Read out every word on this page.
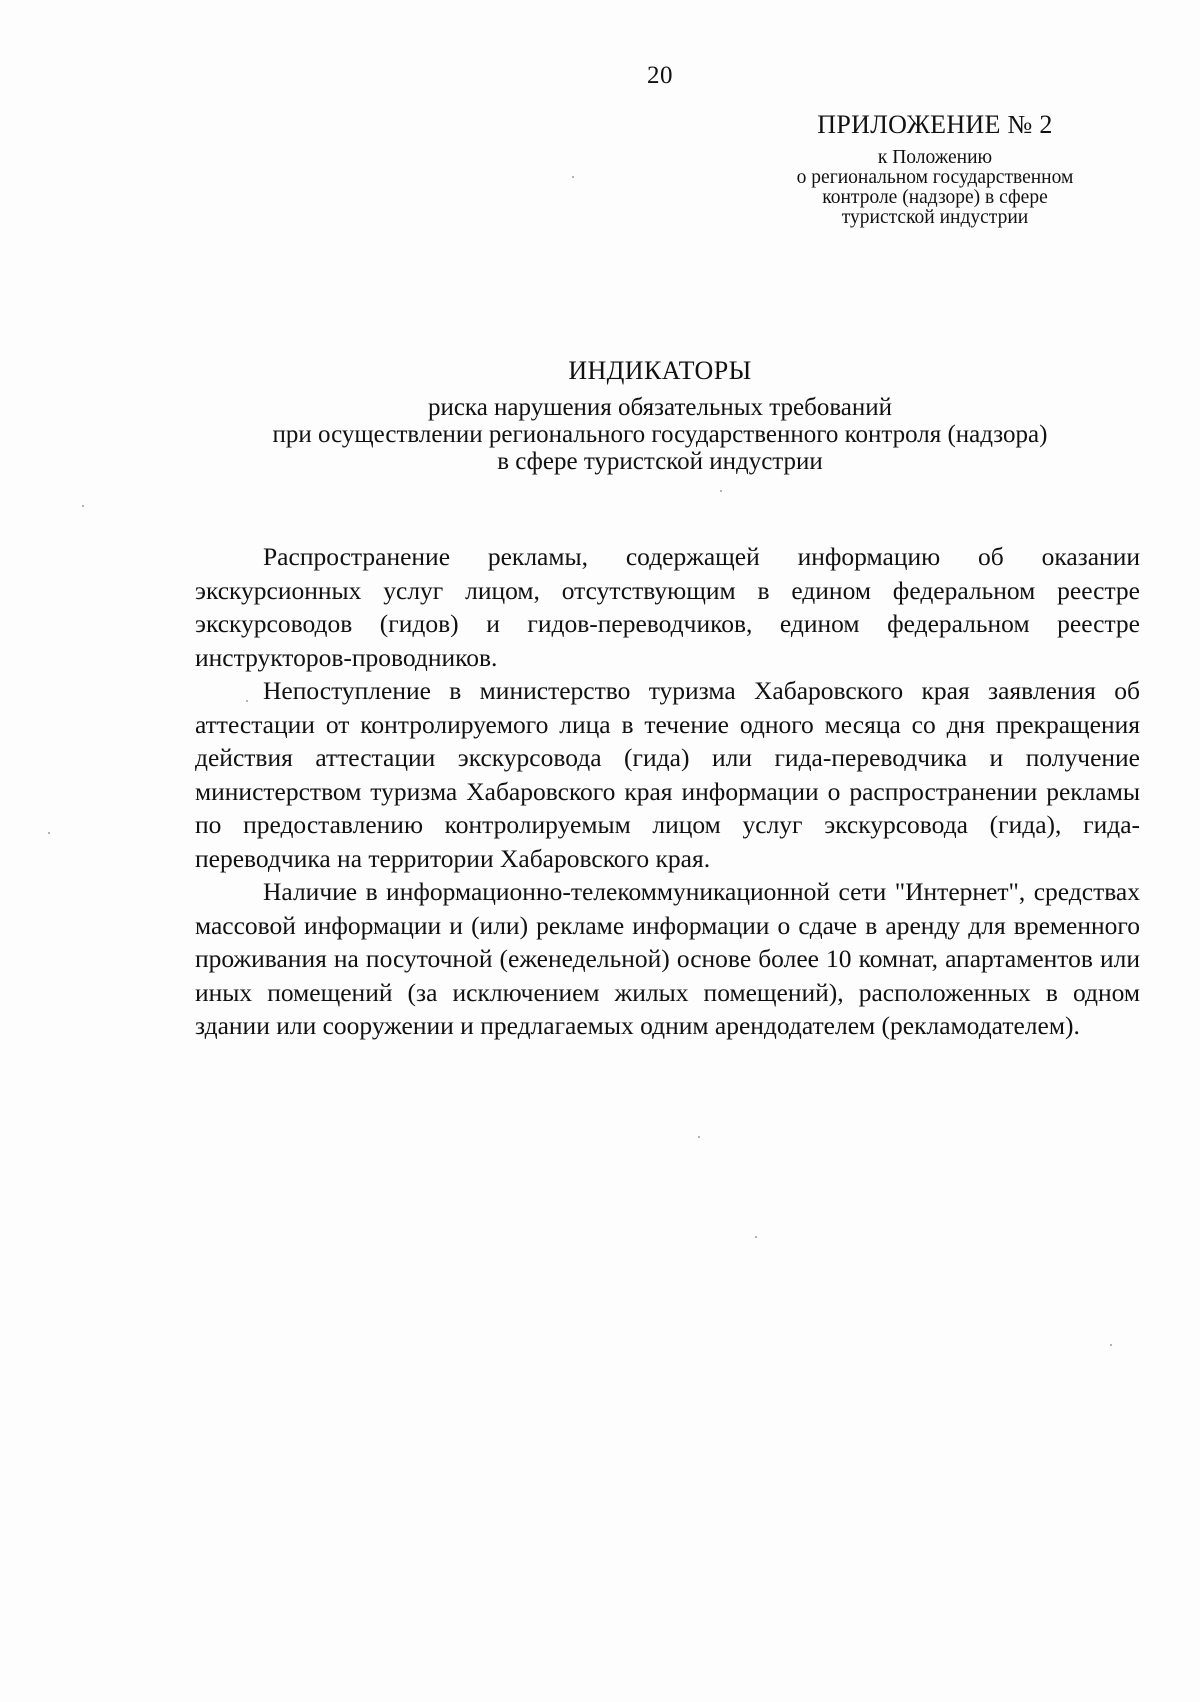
20
ПРИЛОЖЕНИЕ № 2
к Положению
о региональном государственном
контроле (надзоре) в сфере
туристской индустрии
ИНДИКАТОРЫ
риска нарушения обязательных требований
при осуществлении регионального государственного контроля (надзора)
в сфере туристской индустрии

Распространение рекламы, содержащей информацию об оказании экскурсионных услуг лицом, отсутствующим в едином федеральном реестре экскурсоводов (гидов) и гидов-переводчиков, едином федеральном реестре инструкторов-проводников.

Непоступление в министерство туризма Хабаровского края заявления об аттестации от контролируемого лица в течение одного месяца со дня прекращения действия аттестации экскурсовода (гида) или гида-переводчика и получение министерством туризма Хабаровского края информации о распространении рекламы по предоставлению контролируемым лицом услуг экскурсовода (гида), гида-переводчика на территории Хабаровского края.

Наличие в информационно-телекоммуникационной сети "Интернет", средствах массовой информации и (или) рекламе информации о сдаче в аренду для временного проживания на посуточной (еженедельной) основе более 10 комнат, апартаментов или иных помещений (за исключением жилых помещений), расположенных в одном здании или сооружении и предлагаемых одним арендодателем (рекламодателем).
